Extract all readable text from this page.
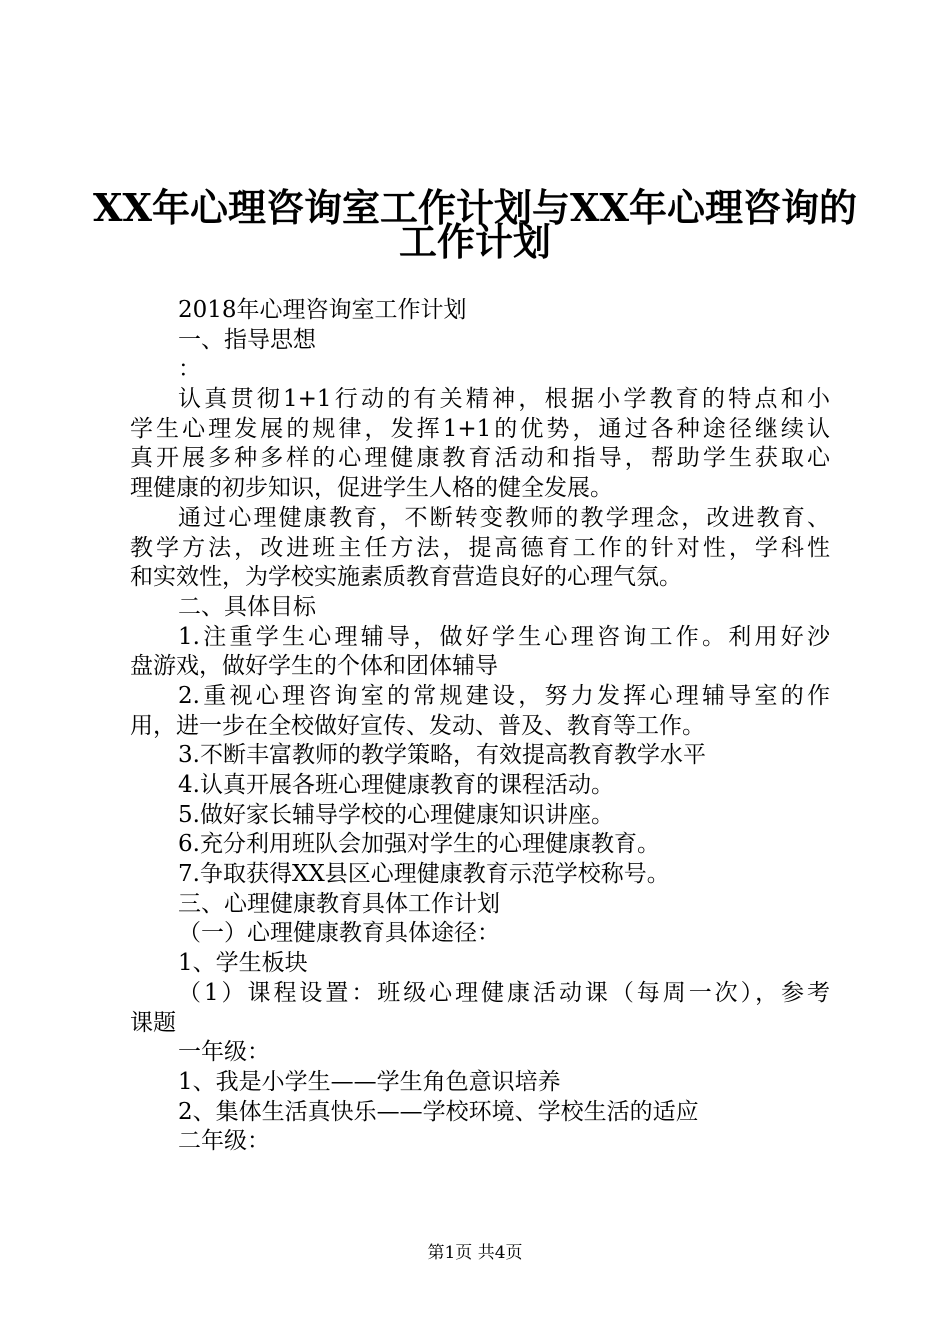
XX年心理咨询室工作计划与XX年心理咨询的
工作计划
2018年心理咨询室工作计划
一、指导思想
：
认真贯彻1+1行动的有关精神，根据小学教育的特点和小
学生心理发展的规律，发挥1+1的优势，通过各种途径继续认
真开展多种多样的心理健康教育活动和指导，帮助学生获取心
理健康的初步知识，促进学生人格的健全发展。
通过心理健康教育，不断转变教师的教学理念，改进教育、
教学方法，改进班主任方法，提高德育工作的针对性，学科性
和实效性，为学校实施素质教育营造良好的心理气氛。
二、具体目标
1.注重学生心理辅导，做好学生心理咨询工作。利用好沙
盘游戏，做好学生的个体和团体辅导
2.重视心理咨询室的常规建设，努力发挥心理辅导室的作
用，进一步在全校做好宣传、发动、普及、教育等工作。
3.不断丰富教师的教学策略，有效提高教育教学水平
4.认真开展各班心理健康教育的课程活动。
5.做好家长辅导学校的心理健康知识讲座。
6.充分利用班队会加强对学生的心理健康教育。
7.争取获得XX县区心理健康教育示范学校称号。
三、心理健康教育具体工作计划
（一）心理健康教育具体途径：
1、学生板块
（1）课程设置：班级心理健康活动课（每周一次），参考
课题
一年级：
1、我是小学生——学生角色意识培养
2、集体生活真快乐——学校环境、学校生活的适应
二年级：
第1页 共4页
